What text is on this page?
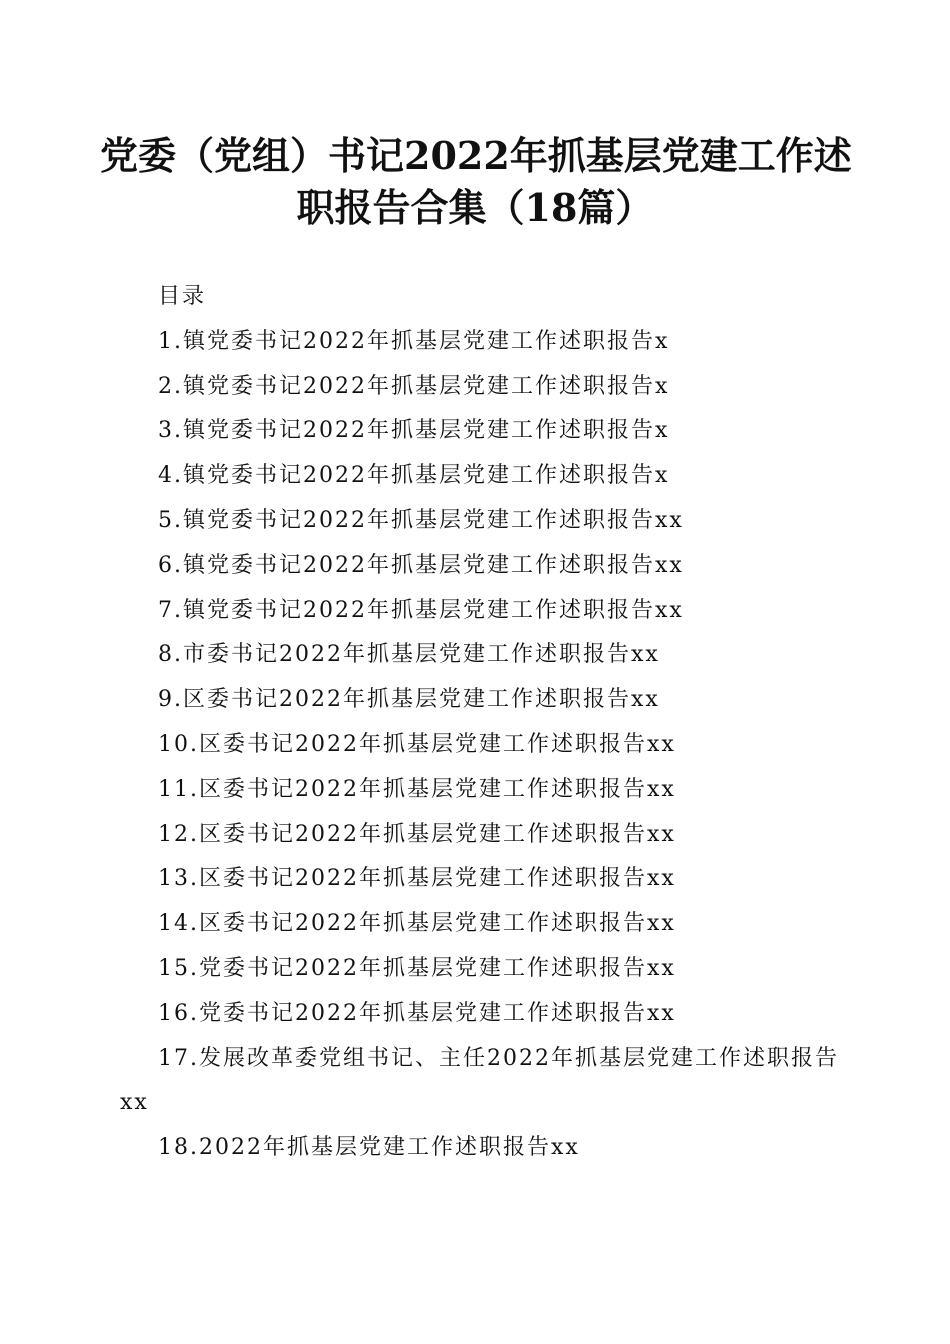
党委（党组）书记2022年抓基层党建工作述
职报告合集（18篇）
目录
1.镇党委书记2022年抓基层党建工作述职报告x
2.镇党委书记2022年抓基层党建工作述职报告x
3.镇党委书记2022年抓基层党建工作述职报告x
4.镇党委书记2022年抓基层党建工作述职报告x
5.镇党委书记2022年抓基层党建工作述职报告xx
6.镇党委书记2022年抓基层党建工作述职报告xx
7.镇党委书记2022年抓基层党建工作述职报告xx
8.市委书记2022年抓基层党建工作述职报告xx
9.区委书记2022年抓基层党建工作述职报告xx
10.区委书记2022年抓基层党建工作述职报告xx
11.区委书记2022年抓基层党建工作述职报告xx
12.区委书记2022年抓基层党建工作述职报告xx
13.区委书记2022年抓基层党建工作述职报告xx
14.区委书记2022年抓基层党建工作述职报告xx
15.党委书记2022年抓基层党建工作述职报告xx
16.党委书记2022年抓基层党建工作述职报告xx
17.发展改革委党组书记、主任2022年抓基层党建工作述职报告xx
18.2022年抓基层党建工作述职报告xx
